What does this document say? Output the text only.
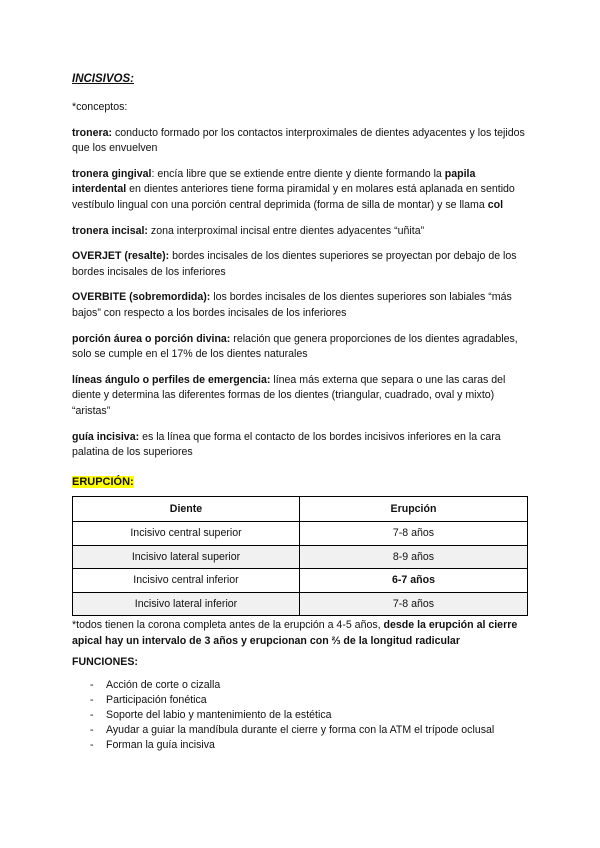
INCISIVOS:

*conceptos:

tronera: conducto formado por los contactos interproximales de dientes adyacentes y los tejidos que los envuelven

tronera gingival: encía libre que se extiende entre diente y diente formando la papila interdental en dientes anteriores tiene forma piramidal y en molares está aplanada en sentido vestíbulo lingual con una porción central deprimida (forma de silla de montar) y se llama col

tronera incisal: zona interproximal incisal entre dientes adyacentes “uñita”

OVERJET (resalte): bordes incisales de los dientes superiores se proyectan por debajo de los bordes incisales de los inferiores

OVERBITE (sobremordida): los bordes incisales de los dientes superiores son labiales “más bajos” con respecto a los bordes incisales de los inferiores

porción áurea o porción divina: relación que genera proporciones de los dientes agradables, solo se cumple en el 17% de los dientes naturales

líneas ángulo o perfiles de emergencia: línea más externa que separa o une las caras del diente y determina las diferentes formas de los dientes (triangular, cuadrado, oval y mixto) “aristas”

guía incisiva: es la línea que forma el contacto de los bordes incisivos inferiores en la cara palatina de los superiores

ERUPCIÓN:
Diente	Erupción
Incisivo central superior	7-8 años
Incisivo lateral superior	8-9 años
Incisivo central inferior	6-7 años
Incisivo lateral inferior	7-8 años

*todos tienen la corona completa antes de la erupción a 4-5 años, desde la erupción al cierre apical hay un intervalo de 3 años y erupcionan con ⅔ de la longitud radicular

FUNCIONES:

- Acción de corte o cizalla
- Participación fonética
- Soporte del labio y mantenimiento de la estética
- Ayudar a guiar la mandíbula durante el cierre y forma con la ATM el trípode oclusal
- Forman la guía incisiva
